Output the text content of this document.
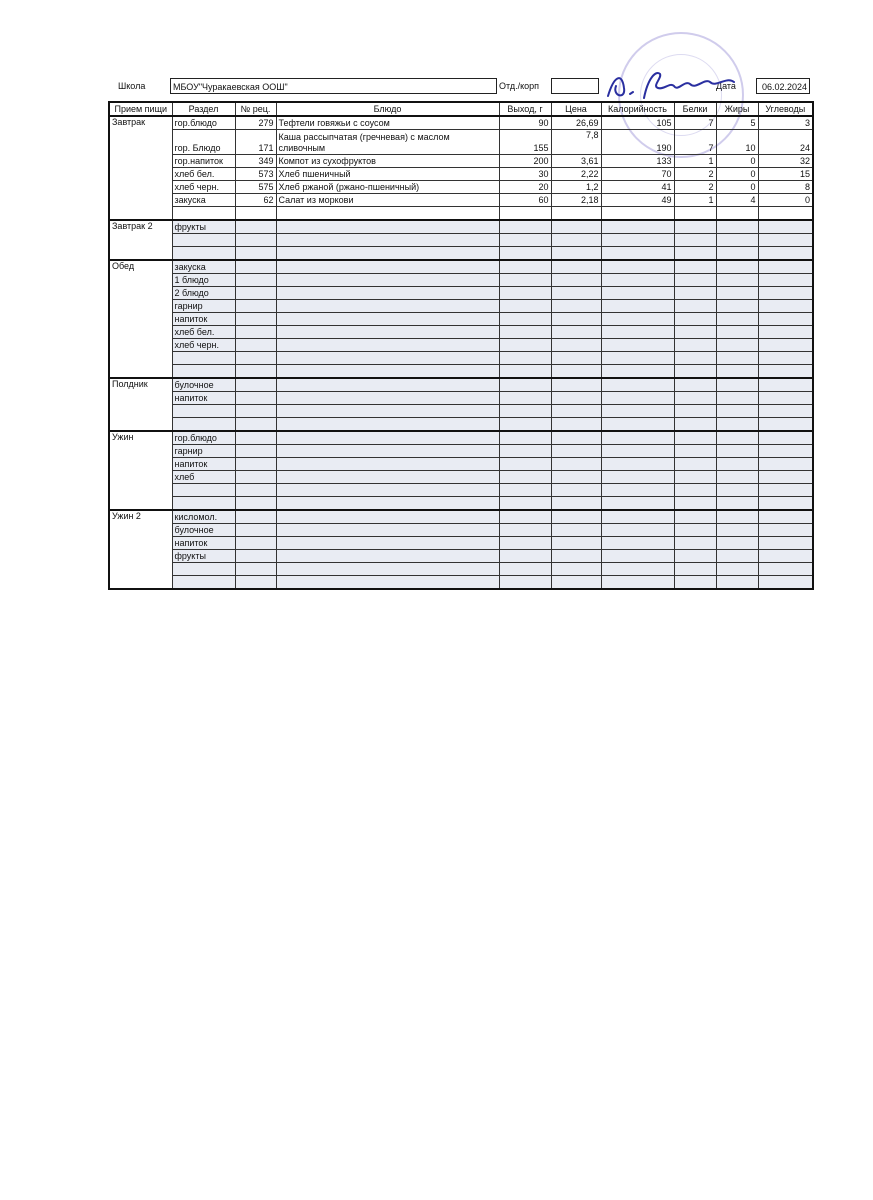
Школа	МБОУ"Чуракаевская ООШ"	Отд./корп	Дата	06.02.2024
Прием пищи	Раздел	№ рец.	Блюдо	Выход, г	Цена	Калорийность	Белки	Жиры	Углеводы
Завтрак	гор.блюдо	279	Тефтели говяжьи с соусом	90	26,69	105	7	5	3
	гор. Блюдо	171	Каша рассыпчатая (гречневая) с маслом сливочным	155	7,8	190	7	10	24
	гор.напиток	349	Компот из сухофруктов	200	3,61	133	1	0	32
	хлеб бел.	573	Хлеб пшеничный	30	2,22	70	2	0	15
	хлеб черн.	575	Хлеб ржаной (ржано-пшеничный)	20	1,2	41	2	0	8
	закуска	62	Салат из моркови	60	2,18	49	1	4	0

Завтрак 2	фрукты								

Обед	закуска								
	1 блюдо								
	2 блюдо								
	гарнир								
	напиток								
	хлеб бел.								
	хлеб черн.								

Полдник	булочное								
	напиток								

Ужин	гор.блюдо								
	гарнир								
	напиток								
	хлеб								

Ужин 2	кисломол.								
	булочное								
	напиток								
	фрукты								
